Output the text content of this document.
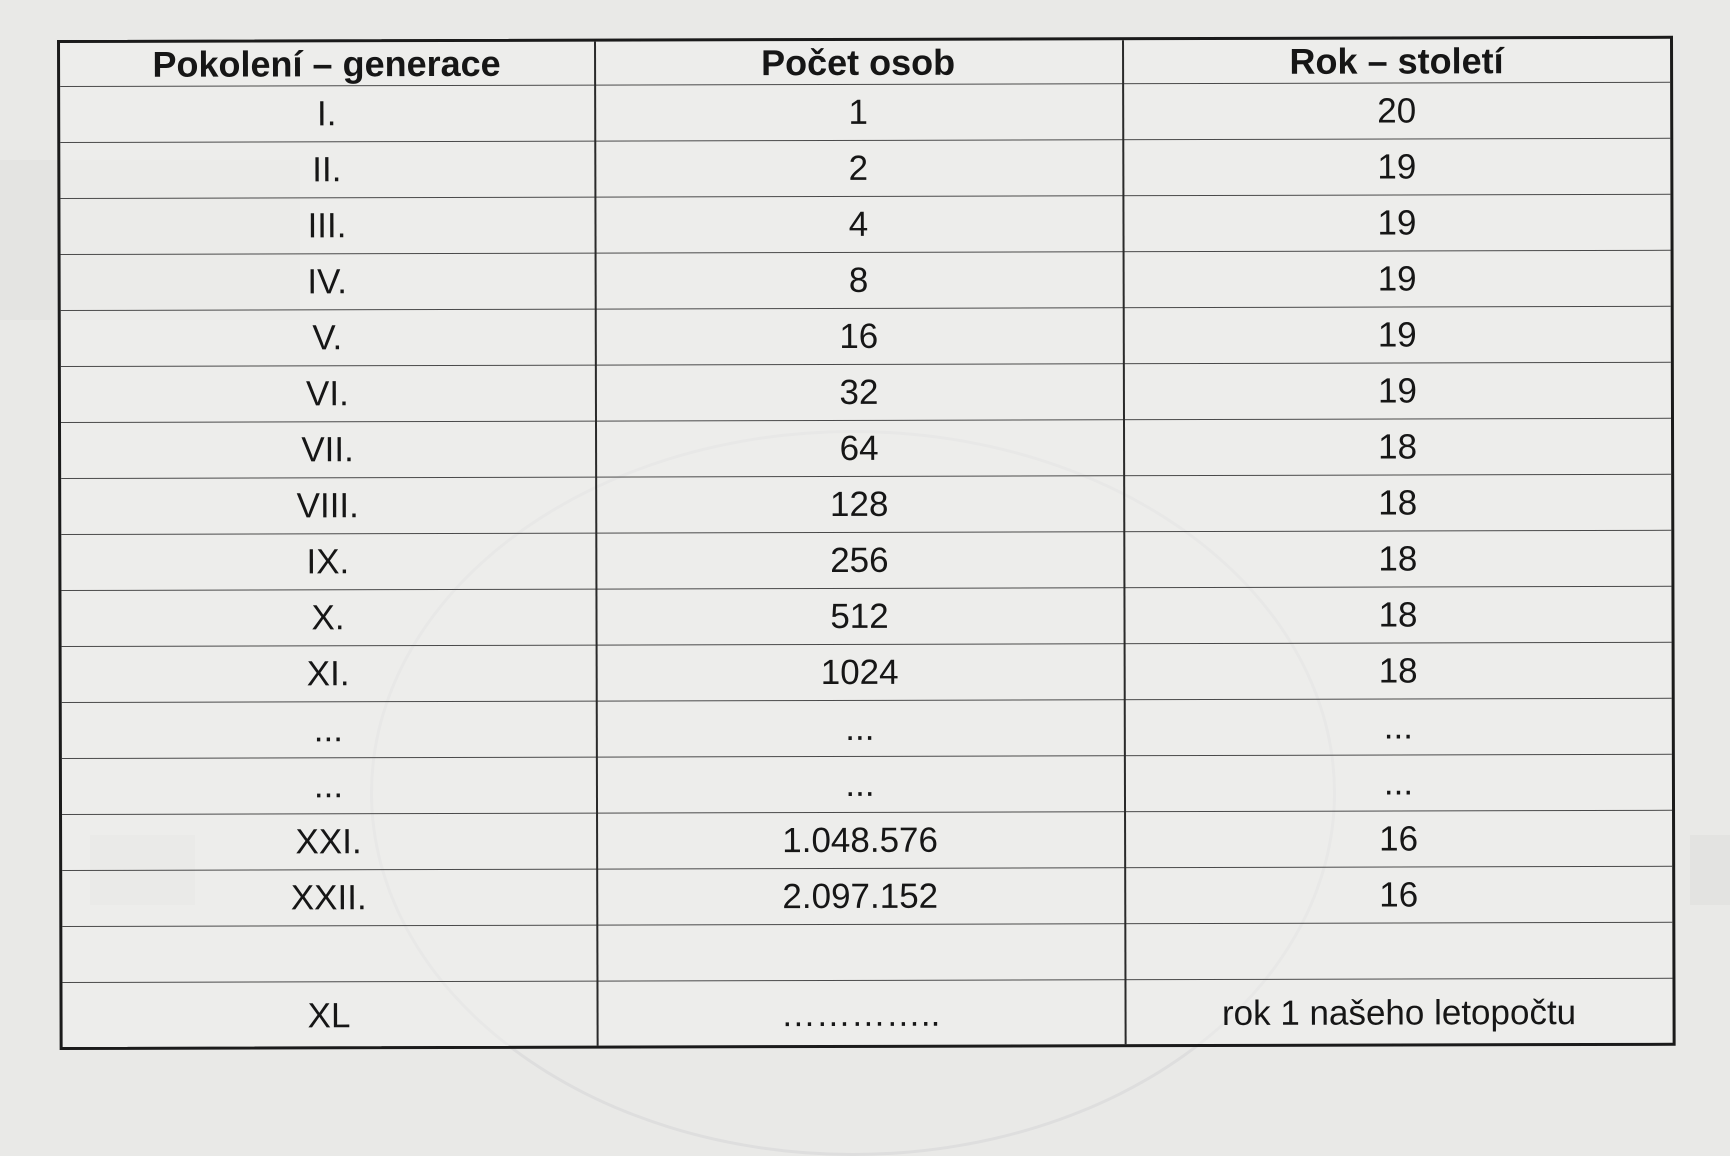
Pokolení – generace	Počet osob	Rok – století
I.	1	20
II.	2	19
III.	4	19
IV.	8	19
V.	16	19
VI.	32	19
VII.	64	18
VIII.	128	18
IX.	256	18
X.	512	18
XI.	1024	18
...	...	...
...	...	...
XXI.	1.048.576	16
XXII.	2.097.152	16
XL	…………..	rok 1 našeho letopočtu
